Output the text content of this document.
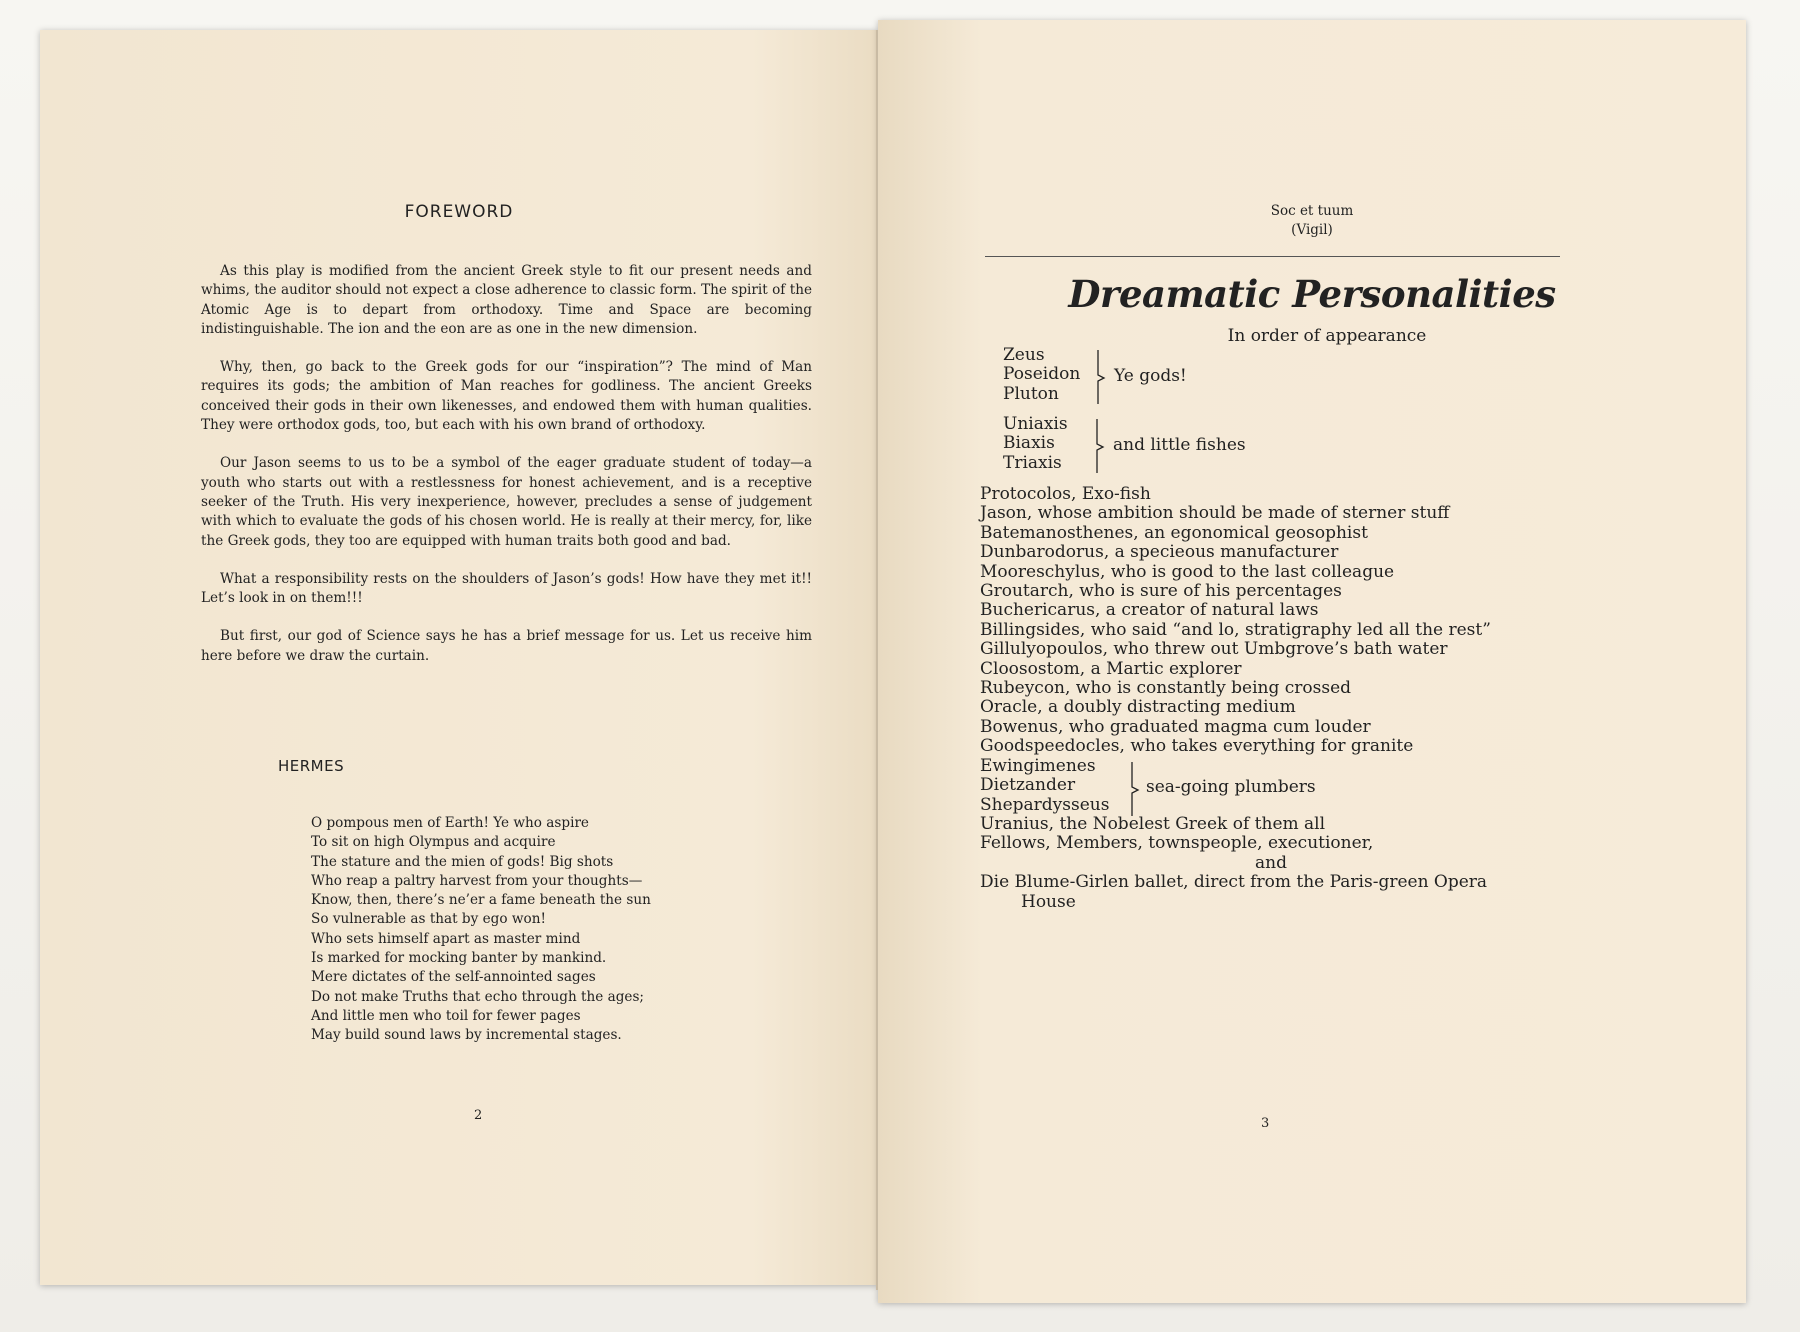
FOREWORD

As this play is modified from the ancient Greek style to fit our present needs and whims, the auditor should not expect a close adherence to classic form. The spirit of the Atomic Age is to depart from orthodoxy. Time and Space are becoming indistinguishable. The ion and the eon are as one in the new dimension.

Why, then, go back to the Greek gods for our “inspiration”? The mind of Man requires its gods; the ambition of Man reaches for godliness. The ancient Greeks conceived their gods in their own likenesses, and endowed them with human qualities. They were orthodox gods, too, but each with his own brand of orthodoxy.

Our Jason seems to us to be a symbol of the eager graduate student of today—a youth who starts out with a restlessness for honest achievement, and is a receptive seeker of the Truth. His very inexperience, however, precludes a sense of judgement with which to evaluate the gods of his chosen world. He is really at their mercy, for, like the Greek gods, they too are equipped with human traits both good and bad.

What a responsibility rests on the shoulders of Jason’s gods! How have they met it!! Let’s look in on them!!!

But first, our god of Science says he has a brief message for us. Let us receive him here before we draw the curtain.

HERMES
O pompous men of Earth! Ye who aspire
To sit on high Olympus and acquire
The stature and the mien of gods! Big shots
Who reap a paltry harvest from your thoughts—
Know, then, there’s ne’er a fame beneath the sun
So vulnerable as that by ego won!
Who sets himself apart as master mind
Is marked for mocking banter by mankind.
Mere dictates of the self-annointed sages
Do not make Truths that echo through the ages;
And little men who toil for fewer pages
May build sound laws by incremental stages.
2
Soc et tuum
(Vigil)
Dreamatic Personalities
In order of appearance
Zeus
Poseidon
Pluton
Ye gods!
Uniaxis
Biaxis
Triaxis
and little fishes
Protocolos, Exo-fish
Jason, whose ambition should be made of sterner stuff
Batemanosthenes, an egonomical geosophist
Dunbarodorus, a specieous manufacturer
Mooreschylus, who is good to the last colleague
Groutarch, who is sure of his percentages
Buchericarus, a creator of natural laws
Billingsides, who said “and lo, stratigraphy led all the rest”
Gillulyopoulos, who threw out Umbgrove’s bath water
Cloosostom, a Martic explorer
Rubeycon, who is constantly being crossed
Oracle, a doubly distracting medium
Bowenus, who graduated magma cum louder
Goodspeedocles, who takes everything for granite
Ewingimenes
Dietzander
Shepardysseus
sea-going plumbers
Uranius, the Nobelest Greek of them all
Fellows, Members, townspeople, executioner,
and
Die Blume-Girlen ballet, direct from the Paris-green Opera
House
3
